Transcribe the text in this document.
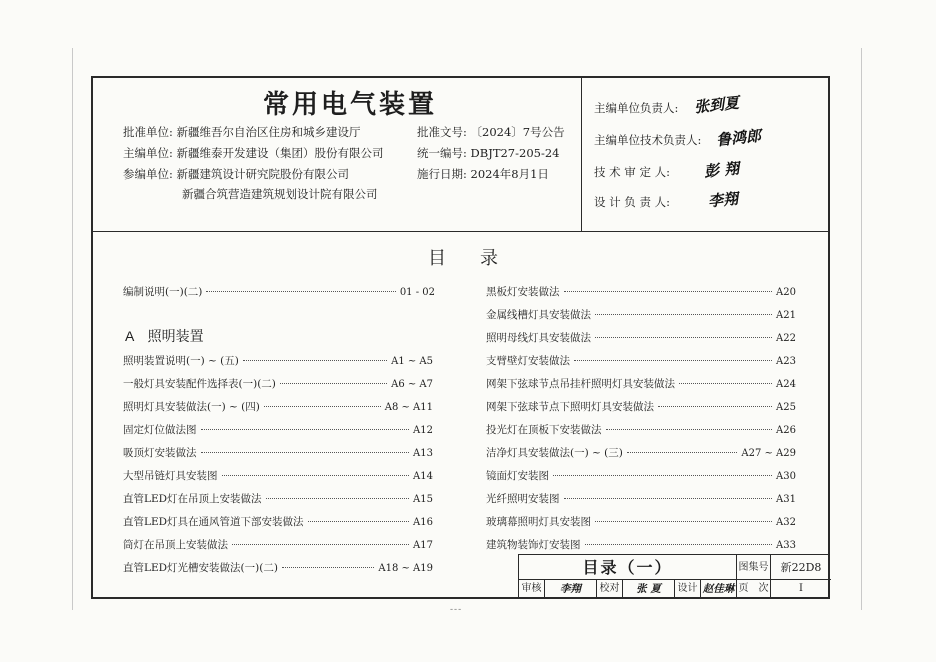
常用电气装置
批准单位: 新疆维吾尔自治区住房和城乡建设厅
主编单位: 新疆维泰开发建设（集团）股份有限公司
参编单位: 新疆建筑设计研究院股份有限公司
新疆合筑营造建筑规划设计院有限公司
批准文号: 〔2024〕7号公告
统一编号: DBJT27-205-24
施行日期: 2024年8月1日
主编单位负责人: 张到夏
主编单位技术负责人: 鲁鸿郎
技 术 审 定 人: 彭 翔
设 计 负 责 人: 李翔
目录
编制说明(一)(二)	01 - 02
A　照明装置
照明装置说明(一) ~ (五)	A1 ~ A5
一般灯具安装配件选择表(一)(二)	A6 ~ A7
照明灯具安装做法(一) ~ (四)	A8 ~ A11
固定灯位做法图	A12
吸顶灯安装做法	A13
大型吊链灯具安装图	A14
直管LED灯在吊顶上安装做法	A15
直管LED灯具在通风管道下部安装做法	A16
筒灯在吊顶上安装做法	A17
直管LED灯光槽安装做法(一)(二)	A18 ~ A19
黑板灯安装做法	A20
金属线槽灯具安装做法	A21
照明母线灯具安装做法	A22
支臂壁灯安装做法	A23
网架下弦球节点吊挂杆照明灯具安装做法	A24
网架下弦球节点下照明灯具安装做法	A25
投光灯在顶板下安装做法	A26
洁净灯具安装做法(一) ~ (三)	A27 ~ A29
镜面灯安装图	A30
光纤照明安装图	A31
玻璃幕照明灯具安装图	A32
建筑物装饰灯安装图	A33
目录（一）	图集号	新22D8
审核	李翔	校对	张 夏	设计 赵佳琳 页　次	I
---
